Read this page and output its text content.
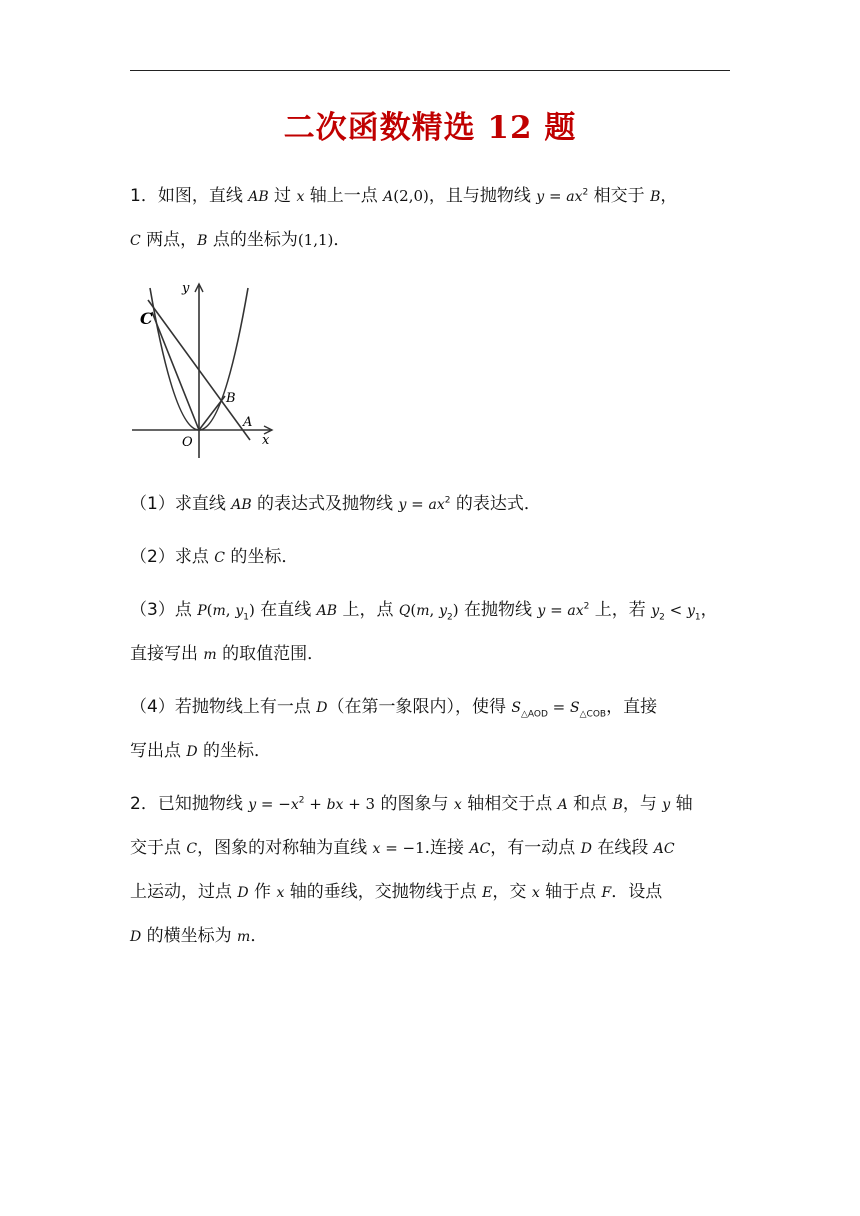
二次函数精选 12 题
1．如图，直线 AB 过 x 轴上一点 A(2,0)，且与抛物线 $y = ax^2$ 相交于 B，
C 两点，B 点的坐标为(1,1)．
y
x
O
A
B
C
（1）求直线 AB 的表达式及抛物线 $y = ax^2$ 的表达式．
（2）求点 C 的坐标．
（3）点 P(m, $y_1$) 在直线 AB 上，点 Q(m, $y_2$) 在抛物线 $y = ax^2$ 上，若 $y_2 < y_1$，
直接写出 m 的取值范围．
（4）若抛物线上有一点 D（在第一象限内），使得 $S_{\triangle AOD} = S_{\triangle COB}$，直接
写出点 D 的坐标．
2．已知抛物线 $y = -x^2$ + bx + 3 的图象与 x 轴相交于点 A 和点 B，与 y 轴
交于点 C，图象的对称轴为直线 x = −1.连接 AC，有一动点 D 在线段 AC
上运动，过点 D 作 x 轴的垂线，交抛物线于点 E，交 x 轴于点 F．设点
D 的横坐标为 m．
